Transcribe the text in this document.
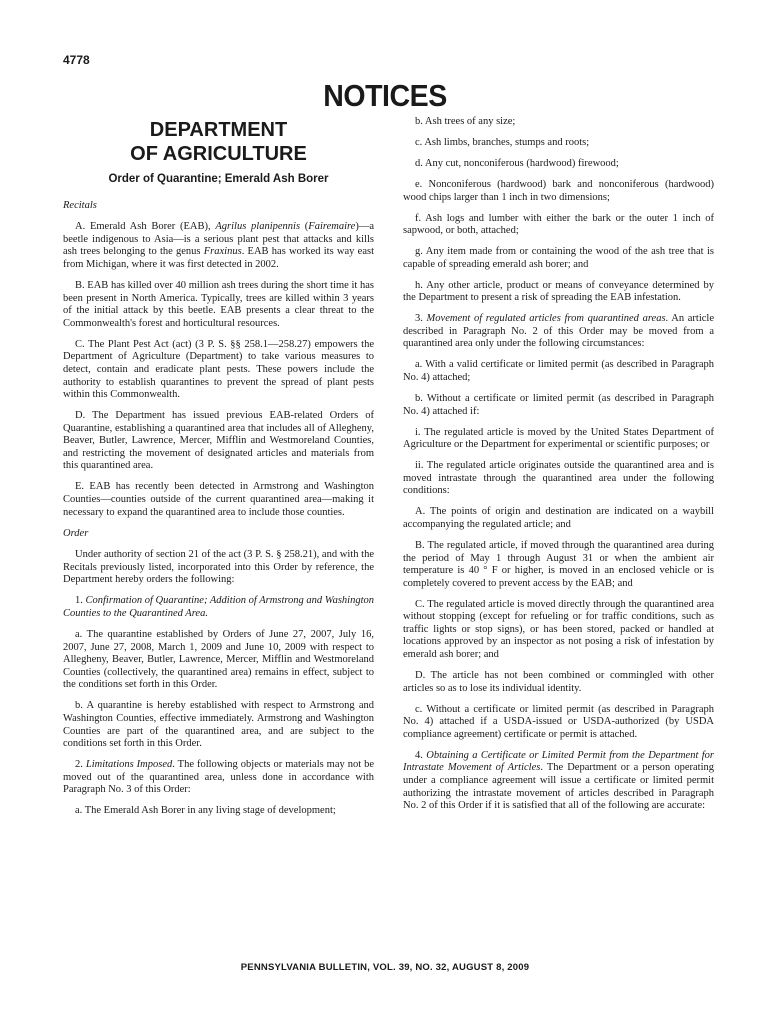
4778
NOTICES
DEPARTMENT
OF AGRICULTURE
Order of Quarantine; Emerald Ash Borer
Recitals

A. Emerald Ash Borer (EAB), Agrilus planipennis (Fairemaire)—a beetle indigenous to Asia—is a serious plant pest that attacks and kills ash trees belonging to the genus Fraxinus. EAB has worked its way east from Michigan, where it was first detected in 2002.

B. EAB has killed over 40 million ash trees during the short time it has been present in North America. Typically, trees are killed within 3 years of the initial attack by this beetle. EAB presents a clear threat to the Commonwealth's forest and horticultural resources.

C. The Plant Pest Act (act) (3 P. S. §§ 258.1—258.27) empowers the Department of Agriculture (Department) to take various measures to detect, contain and eradicate plant pests. These powers include the authority to establish quarantines to prevent the spread of plant pests within this Commonwealth.

D. The Department has issued previous EAB-related Orders of Quarantine, establishing a quarantined area that includes all of Allegheny, Beaver, Butler, Lawrence, Mercer, Mifflin and Westmoreland Counties, and restricting the movement of designated articles and materials from this quarantined area.

E. EAB has recently been detected in Armstrong and Washington Counties—counties outside of the current quarantined area—making it necessary to expand the quarantined area to include those counties.

Order

Under authority of section 21 of the act (3 P. S. § 258.21), and with the Recitals previously listed, incorporated into this Order by reference, the Department hereby orders the following:

1. Confirmation of Quarantine; Addition of Armstrong and Washington Counties to the Quarantined Area.

a. The quarantine established by Orders of June 27, 2007, July 16, 2007, June 27, 2008, March 1, 2009 and June 10, 2009 with respect to Allegheny, Beaver, Butler, Lawrence, Mercer, Mifflin and Westmoreland Counties (collectively, the quarantined area) remains in effect, subject to the conditions set forth in this Order.

b. A quarantine is hereby established with respect to Armstrong and Washington Counties, effective immediately. Armstrong and Washington Counties are part of the quarantined area, and are subject to the conditions set forth in this Order.

2. Limitations Imposed. The following objects or materials may not be moved out of the quarantined area, unless done in accordance with Paragraph No. 3 of this Order:

a. The Emerald Ash Borer in any living stage of development;

b. Ash trees of any size;

c. Ash limbs, branches, stumps and roots;

d. Any cut, nonconiferous (hardwood) firewood;

e. Nonconiferous (hardwood) bark and nonconiferous (hardwood) wood chips larger than 1 inch in two dimensions;

f. Ash logs and lumber with either the bark or the outer 1 inch of sapwood, or both, attached;

g. Any item made from or containing the wood of the ash tree that is capable of spreading emerald ash borer; and

h. Any other article, product or means of conveyance determined by the Department to present a risk of spreading the EAB infestation.

3. Movement of regulated articles from quarantined areas. An article described in Paragraph No. 2 of this Order may be moved from a quarantined area only under the following circumstances:

a. With a valid certificate or limited permit (as described in Paragraph No. 4) attached;

b. Without a certificate or limited permit (as described in Paragraph No. 4) attached if:

i. The regulated article is moved by the United States Department of Agriculture or the Department for experimental or scientific purposes; or

ii. The regulated article originates outside the quarantined area and is moved intrastate through the quarantined area under the following conditions:

A. The points of origin and destination are indicated on a waybill accompanying the regulated article; and

B. The regulated article, if moved through the quarantined area during the period of May 1 through August 31 or when the ambient air temperature is 40 ° F or higher, is moved in an enclosed vehicle or is completely covered to prevent access by the EAB; and

C. The regulated article is moved directly through the quarantined area without stopping (except for refueling or for traffic conditions, such as traffic lights or stop signs), or has been stored, packed or handled at locations approved by an inspector as not posing a risk of infestation by emerald ash borer; and

D. The article has not been combined or commingled with other articles so as to lose its individual identity.

c. Without a certificate or limited permit (as described in Paragraph No. 4) attached if a USDA-issued or USDA-authorized (by USDA compliance agreement) certificate or permit is attached.

4. Obtaining a Certificate or Limited Permit from the Department for Intrastate Movement of Articles. The Department or a person operating under a compliance agreement will issue a certificate or limited permit authorizing the intrastate movement of articles described in Paragraph No. 2 of this Order if it is satisfied that all of the following are accurate:

PENNSYLVANIA BULLETIN, VOL. 39, NO. 32, AUGUST 8, 2009
